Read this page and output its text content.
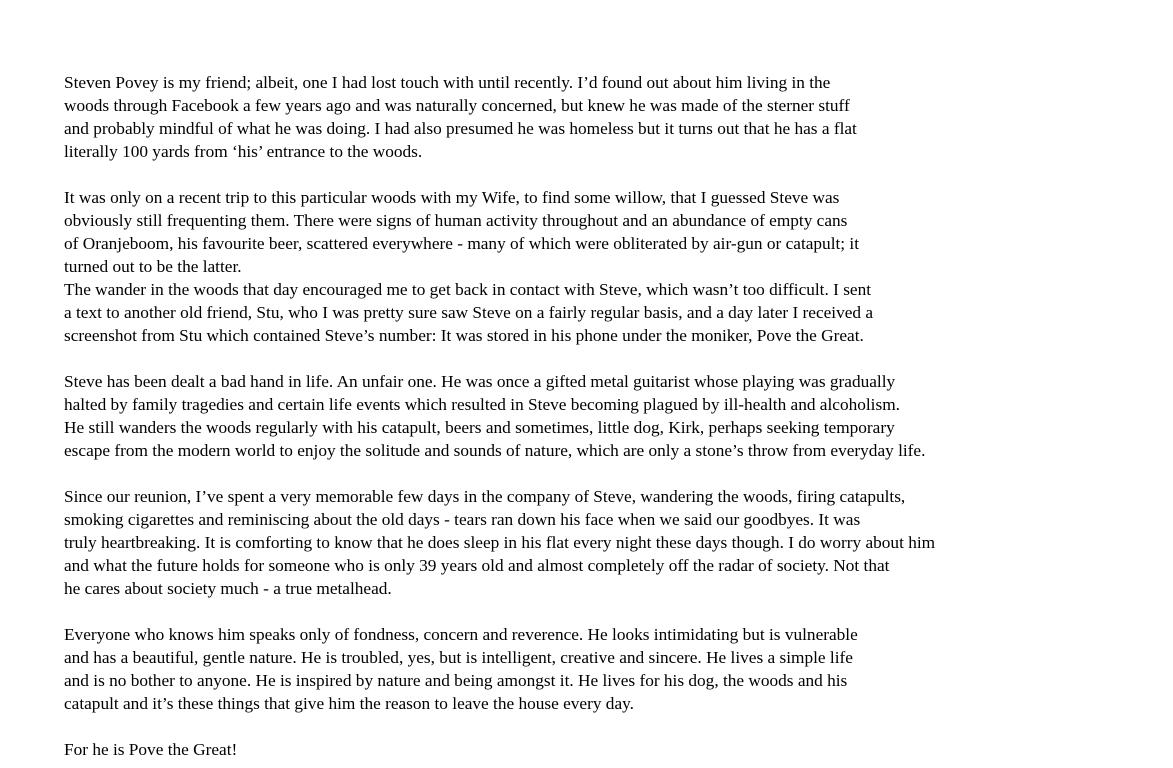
Steven Povey is my friend; albeit, one I had lost touch with until recently. I’d found out about him living in the
woods through Facebook a few years ago and was naturally concerned, but knew he was made of the sterner stuff
and probably mindful of what he was doing. I had also presumed he was homeless but it turns out that he has a flat
literally 100 yards from ‘his’ entrance to the woods.
It was only on a recent trip to this particular woods with my Wife, to find some willow, that I guessed Steve was
obviously still frequenting them. There were signs of human activity throughout and an abundance of empty cans
of Oranjeboom, his favourite beer, scattered everywhere - many of which were obliterated by air-gun or catapult; it
turned out to be the latter.
The wander in the woods that day encouraged me to get back in contact with Steve, which wasn’t too difficult. I sent
a text to another old friend, Stu, who I was pretty sure saw Steve on a fairly regular basis, and a day later I received a
screenshot from Stu which contained Steve’s number: It was stored in his phone under the moniker, Pove the Great.
Steve has been dealt a bad hand in life. An unfair one. He was once a gifted metal guitarist whose playing was gradually
halted by family tragedies and certain life events which resulted in Steve becoming plagued by ill-health and alcoholism.
He still wanders the woods regularly with his catapult, beers and sometimes, little dog, Kirk, perhaps seeking temporary
escape from the modern world to enjoy the solitude and sounds of nature, which are only a stone’s throw from everyday life.
Since our reunion, I’ve spent a very memorable few days in the company of Steve, wandering the woods, firing catapults,
smoking cigarettes and reminiscing about the old days - tears ran down his face when we said our goodbyes. It was
truly heartbreaking. It is comforting to know that he does sleep in his flat every night these days though. I do worry about him
and what the future holds for someone who is only 39 years old and almost completely off the radar of society. Not that
he cares about society much - a true metalhead.
Everyone who knows him speaks only of fondness, concern and reverence. He looks intimidating but is vulnerable
and has a beautiful, gentle nature. He is troubled, yes, but is intelligent, creative and sincere. He lives a simple life
and is no bother to anyone. He is inspired by nature and being amongst it. He lives for his dog, the woods and his
catapult and it’s these things that give him the reason to leave the house every day.
For he is Pove the Great!
